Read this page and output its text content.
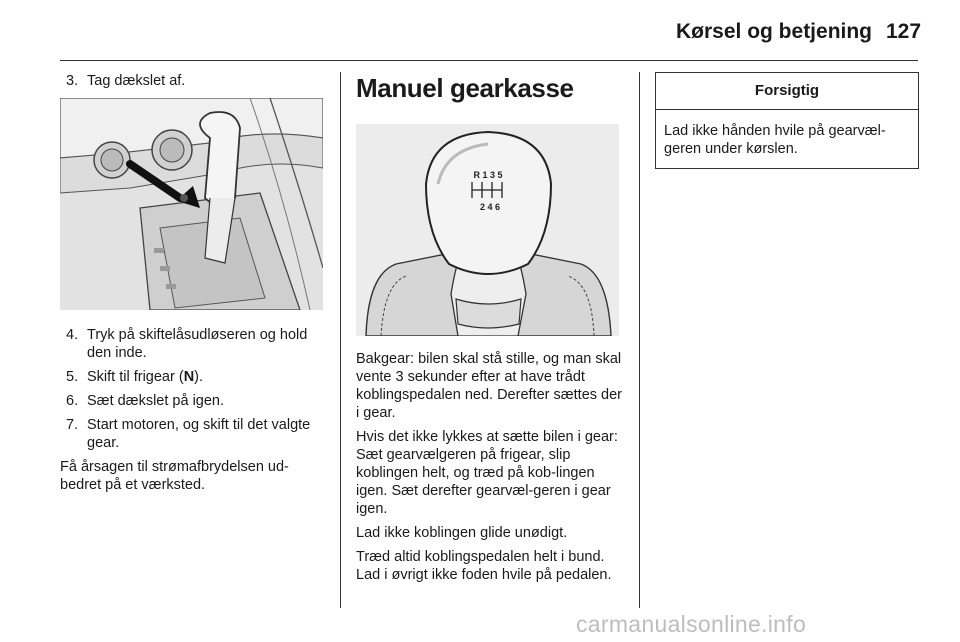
Kørsel og betjening 127
3. Tag dækslet af.
4. Tryk på skiftelåsudløseren og hold den inde.
5. Skift til frigear (N).
6. Sæt dækslet på igen.
7. Start motoren, og skift til det valgte gear.

Få årsagen til strømafbrydelsen ud-bedret på et værksted.

Manuel gearkasse
R 1 3 5
2 4 6

Bakgear: bilen skal stå stille, og man skal vente 3 sekunder efter at have trådt koblingspedalen ned. Derefter sættes der i gear.

Hvis det ikke lykkes at sætte bilen i gear: Sæt gearvælgeren på frigear, slip koblingen helt, og træd på kob-lingen igen. Sæt derefter gearvæl-geren i gear igen.

Lad ikke koblingen glide unødigt.

Træd altid koblingspedalen helt i bund. Lad i øvrigt ikke foden hvile på pedalen.

Forsigtig
Lad ikke hånden hvile på gearvæl-geren under kørslen.
carmanualsonline.info
